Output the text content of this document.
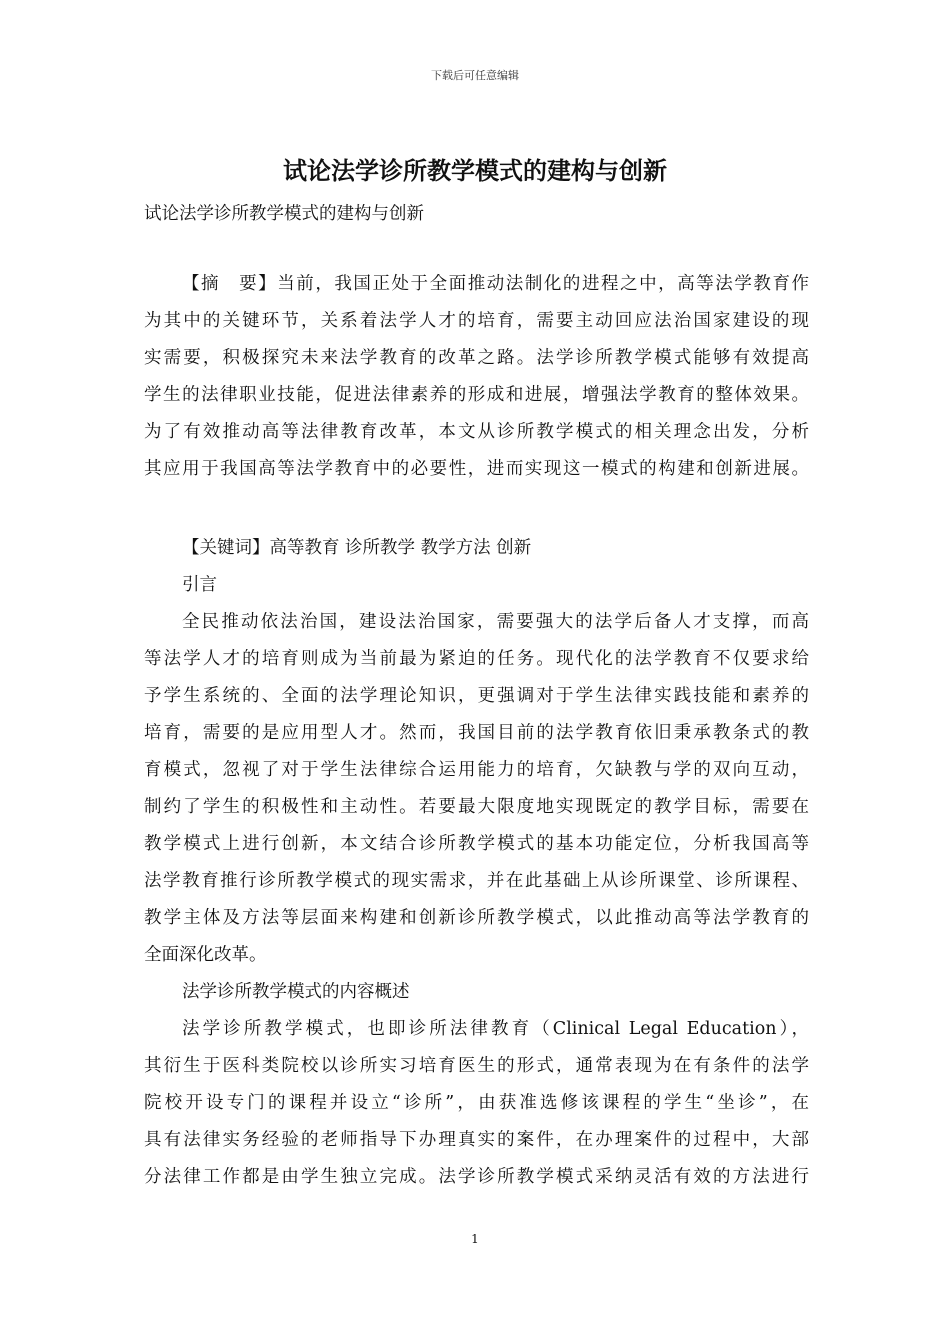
下载后可任意编辑
试论法学诊所教学模式的建构与创新
试论法学诊所教学模式的建构与创新
【摘　要】当前，我国正处于全面推动法制化的进程之中，高等法学教育作
为其中的关键环节，关系着法学人才的培育，需要主动回应法治国家建设的现
实需要，积极探究未来法学教育的改革之路。法学诊所教学模式能够有效提高
学生的法律职业技能，促进法律素养的形成和进展，增强法学教育的整体效果。
为了有效推动高等法律教育改革，本文从诊所教学模式的相关理念出发，分析
其应用于我国高等法学教育中的必要性，进而实现这一模式的构建和创新进展。
【关键词】高等教育 诊所教学 教学方法 创新
引言
全民推动依法治国，建设法治国家，需要强大的法学后备人才支撑，而高
等法学人才的培育则成为当前最为紧迫的任务。现代化的法学教育不仅要求给
予学生系统的、全面的法学理论知识，更强调对于学生法律实践技能和素养的
培育，需要的是应用型人才。然而，我国目前的法学教育依旧秉承教条式的教
育模式，忽视了对于学生法律综合运用能力的培育，欠缺教与学的双向互动，
制约了学生的积极性和主动性。若要最大限度地实现既定的教学目标，需要在
教学模式上进行创新，本文结合诊所教学模式的基本功能定位，分析我国高等
法学教育推行诊所教学模式的现实需求，并在此基础上从诊所课堂、诊所课程、
教学主体及方法等层面来构建和创新诊所教学模式，以此推动高等法学教育的
全面深化改革。
法学诊所教学模式的内容概述
法学诊所教学模式，也即诊所法律教育（Clinical Legal Education），
其衍生于医科类院校以诊所实习培育医生的形式，通常表现为在有条件的法学
院校开设专门的课程并设立“诊所”，由获准选修该课程的学生“坐诊”，在
具有法律实务经验的老师指导下办理真实的案件，在办理案件的过程中，大部
分法律工作都是由学生独立完成。法学诊所教学模式采纳灵活有效的方法进行
1
